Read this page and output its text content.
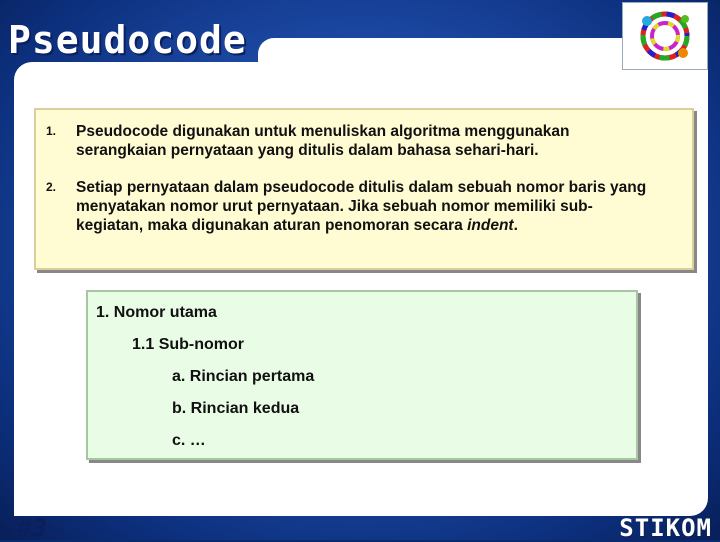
Pseudocode
1.	Pseudocode digunakan untuk menuliskan algoritma menggunakan serangkaian pernyataan yang ditulis dalam bahasa sehari-hari.
2.	Setiap pernyataan dalam pseudocode ditulis dalam sebuah nomor baris yang menyatakan nomor urut pernyataan. Jika sebuah nomor memiliki sub-kegiatan, maka digunakan aturan penomoran secara indent.
1. Nomor utama
1.1 Sub-nomor
a. Rincian pertama
b. Rincian kedua
c. …
#3	STIKOM
